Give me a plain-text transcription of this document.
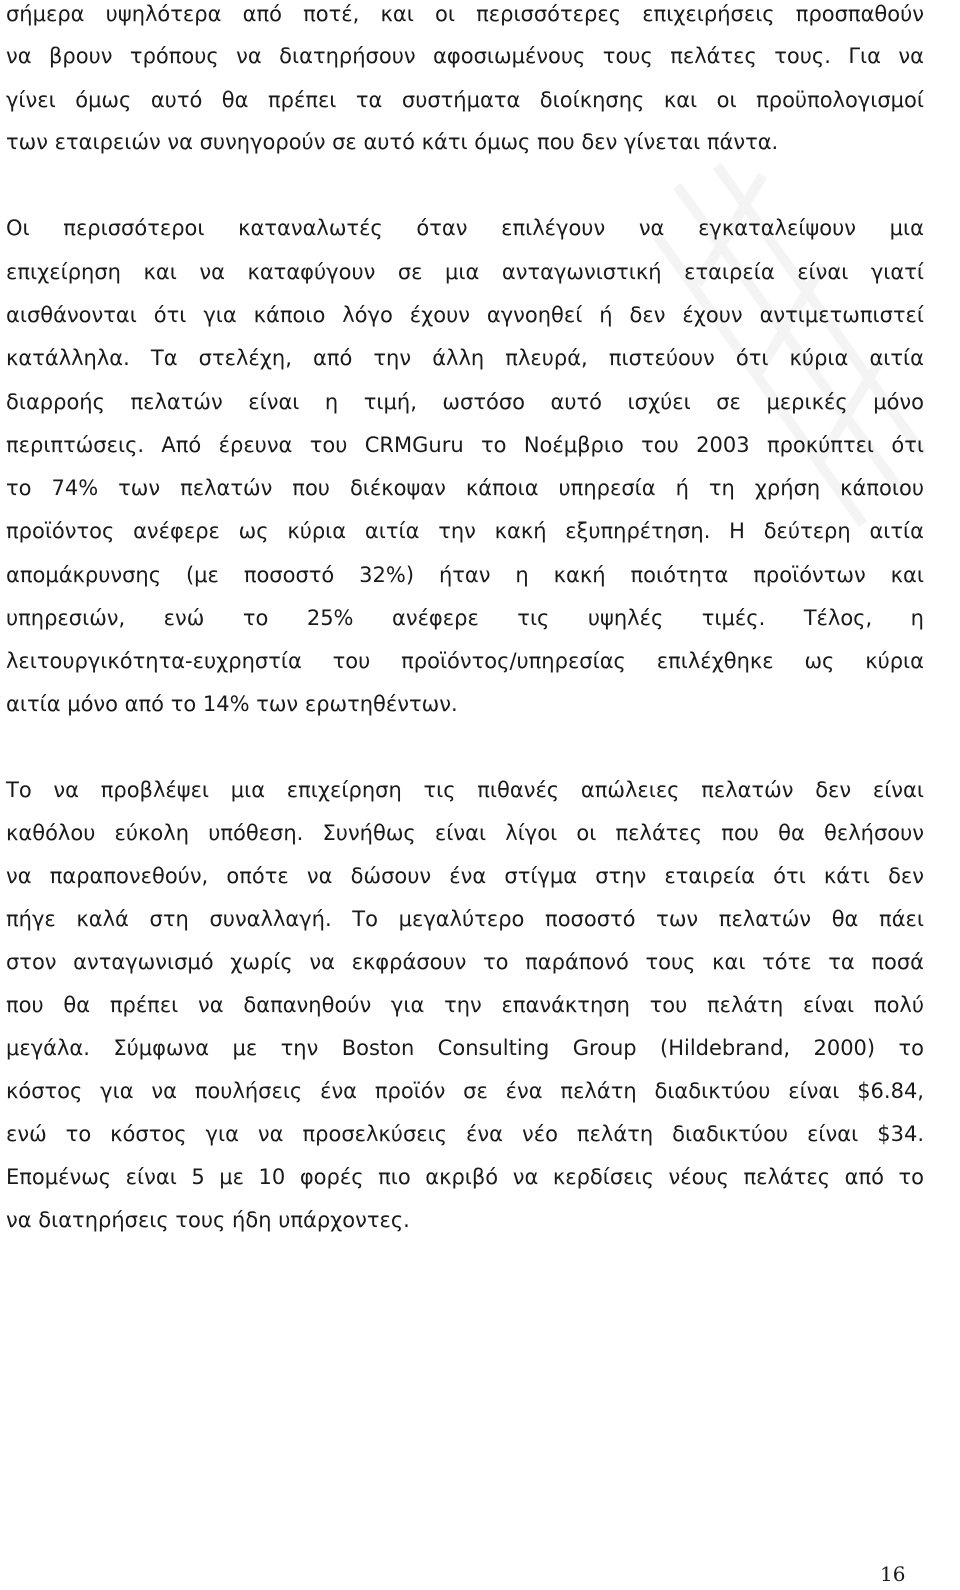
σήμερα υψηλότερα από ποτέ, και οι περισσότερες επιχειρήσεις προσπαθούν
να βρουν τρόπους να διατηρήσουν αφοσιωμένους τους πελάτες τους. Για να
γίνει όμως αυτό θα πρέπει τα συστήματα διοίκησης και οι προϋπολογισμοί
των εταιρειών να συνηγορούν σε αυτό κάτι όμως που δεν γίνεται πάντα.
Οι περισσότεροι καταναλωτές όταν επιλέγουν να εγκαταλείψουν μια
επιχείρηση και να καταφύγουν σε μια ανταγωνιστική εταιρεία είναι γιατί
αισθάνονται ότι για κάποιο λόγο έχουν αγνοηθεί ή δεν έχουν αντιμετωπιστεί
κατάλληλα. Τα στελέχη, από την άλλη πλευρά, πιστεύουν ότι κύρια αιτία
διαρροής πελατών είναι η τιμή, ωστόσο αυτό ισχύει σε μερικές μόνο
περιπτώσεις. Από έρευνα του CRMGuru το Νοέμβριο του 2003 προκύπτει ότι
το 74% των πελατών που διέκοψαν κάποια υπηρεσία ή τη χρήση κάποιου
προϊόντος ανέφερε ως κύρια αιτία την κακή εξυπηρέτηση. Η δεύτερη αιτία
απομάκρυνσης (με ποσοστό 32%) ήταν η κακή ποιότητα προϊόντων και
υπηρεσιών, ενώ το 25% ανέφερε τις υψηλές τιμές. Τέλος, η
λειτουργικότητα-ευχρηστία του προϊόντος/υπηρεσίας επιλέχθηκε ως κύρια
αιτία μόνο από το 14% των ερωτηθέντων.
Το να προβλέψει μια επιχείρηση τις πιθανές απώλειες πελατών δεν είναι
καθόλου εύκολη υπόθεση. Συνήθως είναι λίγοι οι πελάτες που θα θελήσουν
να παραπονεθούν, οπότε να δώσουν ένα στίγμα στην εταιρεία ότι κάτι δεν
πήγε καλά στη συναλλαγή. Το μεγαλύτερο ποσοστό των πελατών θα πάει
στον ανταγωνισμό χωρίς να εκφράσουν το παράπονό τους και τότε τα ποσά
που θα πρέπει να δαπανηθούν για την επανάκτηση του πελάτη είναι πολύ
μεγάλα. Σύμφωνα με την Boston Consulting Group (Hildebrand, 2000) το
κόστος για να πουλήσεις ένα προϊόν σε ένα πελάτη διαδικτύου είναι $6.84,
ενώ το κόστος για να προσελκύσεις ένα νέο πελάτη διαδικτύου είναι $34.
Επομένως είναι 5 με 10 φορές πιο ακριβό να κερδίσεις νέους πελάτες από το
να διατηρήσεις τους ήδη υπάρχοντες.
16
